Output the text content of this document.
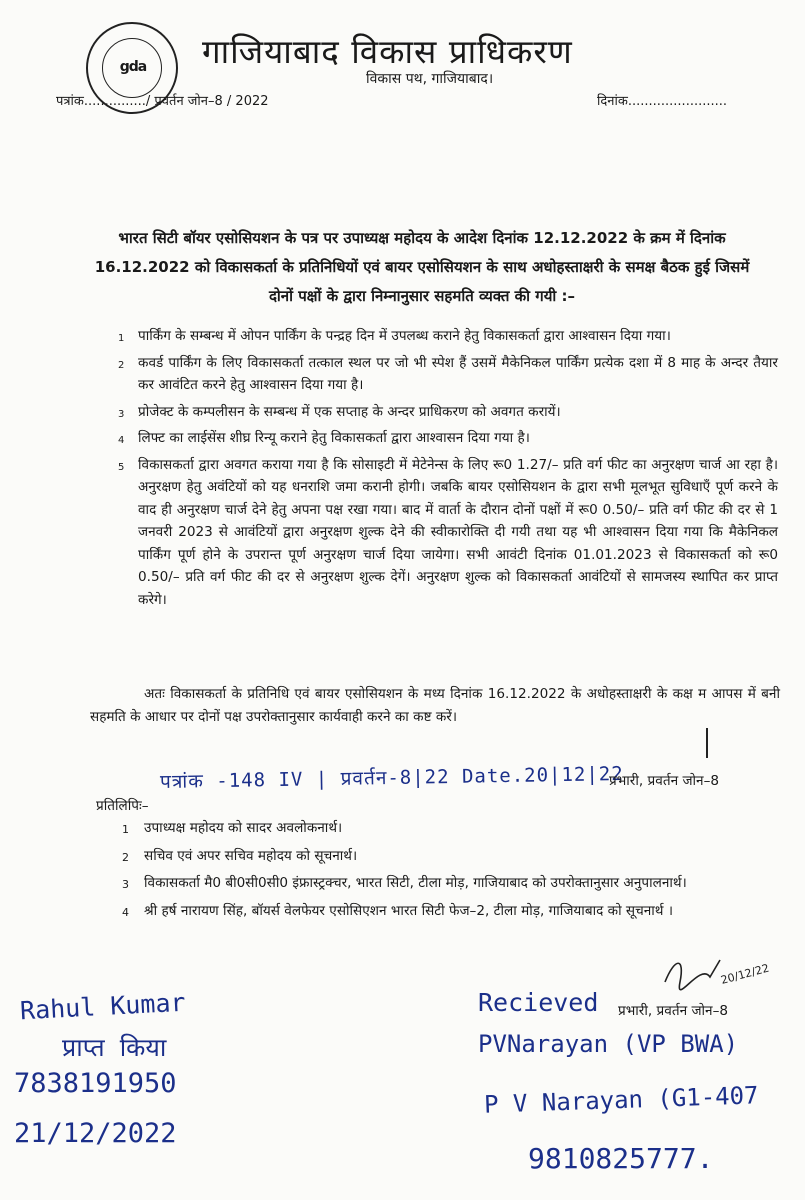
gda	गाजियाबाद विकास प्राधिकरण
विकास पथ, गाजियाबाद।
पत्रांक.............../ प्रवर्तन जोन–8 / 2022	दिनांक........................
भारत सिटी बॉयर एसोसियशन के पत्र पर उपाध्यक्ष महोदय के आदेश दिनांक 12.12.2022 के क्रम में दिनांक 16.12.2022 को विकासकर्ता के प्रतिनिधियों एवं बायर एसोसियशन के साथ अधोहस्ताक्षरी के समक्ष बैठक हुई जिसमें दोनों पक्षों के द्वारा निम्नानुसार सहमति व्यक्त की गयी :–
1 पार्किंग के सम्बन्ध में ओपन पार्किंग के पन्द्रह दिन में उपलब्ध कराने हेतु विकासकर्ता द्वारा आश्वासन दिया गया।
2 कवर्ड पार्किंग के लिए विकासकर्ता तत्काल स्थल पर जो भी स्पेश हैं उसमें मैकेनिकल पार्किंग प्रत्येक दशा में 8 माह के अन्दर तैयार कर आवंटित करने हेतु आश्वासन दिया गया है।
3 प्रोजेक्ट के कम्पलीसन के सम्बन्ध में एक सप्ताह के अन्दर प्राधिकरण को अवगत करायें।
4 लिफ्ट का लाईसेंस शीघ्र रिन्यू कराने हेतु विकासकर्ता द्वारा आश्वासन दिया गया है।
5 विकासकर्ता द्वारा अवगत कराया गया है कि सोसाइटी में मेटेनेन्स के लिए रू0 1.27/– प्रति वर्ग फीट का अनुरक्षण चार्ज आ रहा है। अनुरक्षण हेतु अवंटियों को यह धनराशि जमा करानी होगी। जबकि बायर एसोसियशन के द्वारा सभी मूलभूत सुविधाएँ पूर्ण करने के वाद ही अनुरक्षण चार्ज देने हेतु अपना पक्ष रखा गया। बाद में वार्ता के दौरान दोनों पक्षों में रू0 0.50/– प्रति वर्ग फीट की दर से 1 जनवरी 2023 से आवंटियों द्वारा अनुरक्षण शुल्क देने की स्वीकारोक्ति दी गयी तथा यह भी आश्वासन दिया गया कि मैकेनिकल पार्किंग पूर्ण होने के उपरान्त पूर्ण अनुरक्षण चार्ज दिया जायेगा। सभी आवंटी दिनांक 01.01.2023 से विकासकर्ता को रू0 0.50/– प्रति वर्ग फीट की दर से अनुरक्षण शुल्क देगें। अनुरक्षण शुल्क को विकासकर्ता आवंटियों से सामजस्य स्थापित कर प्राप्त करेगे।
अतः विकासकर्ता के प्रतिनिधि एवं बायर एसोसियशन के मध्य दिनांक 16.12.2022 के अधोहस्ताक्षरी के कक्ष म आपस में बनी सहमति के आधार पर दोनों पक्ष उपरोक्तानुसार कार्यवाही करने का कष्ट करें।
पत्रांक -148 IV | प्रवर्तन-8|22 Date.20|12|22
प्रभारी, प्रवर्तन जोन–8
प्रतिलिपिः–
1 उपाध्यक्ष महोदय को सादर अवलोकनार्थ।
2 सचिव एवं अपर सचिव महोदय को सूचनार्थ।
3 विकासकर्ता मै0 बी0सी0सी0 इंफ्रास्ट्रक्चर, भारत सिटी, टीला मोड़, गाजियाबाद को उपरोक्तानुसार अनुपालनार्थ।
4 श्री हर्ष नारायण सिंह, बॉयर्स वेलफेयर एसोसिएशन भारत सिटी फेज–2, टीला मोड़, गाजियाबाद को सूचनार्थ ।
20/12/22
प्रभारी, प्रवर्तन जोन–8
Rahul Kumar
प्राप्त किया
7838191950
21/12/2022
Recieved
PVNarayan (VP BWA)
P V Narayan (G1-407
9810825777.
